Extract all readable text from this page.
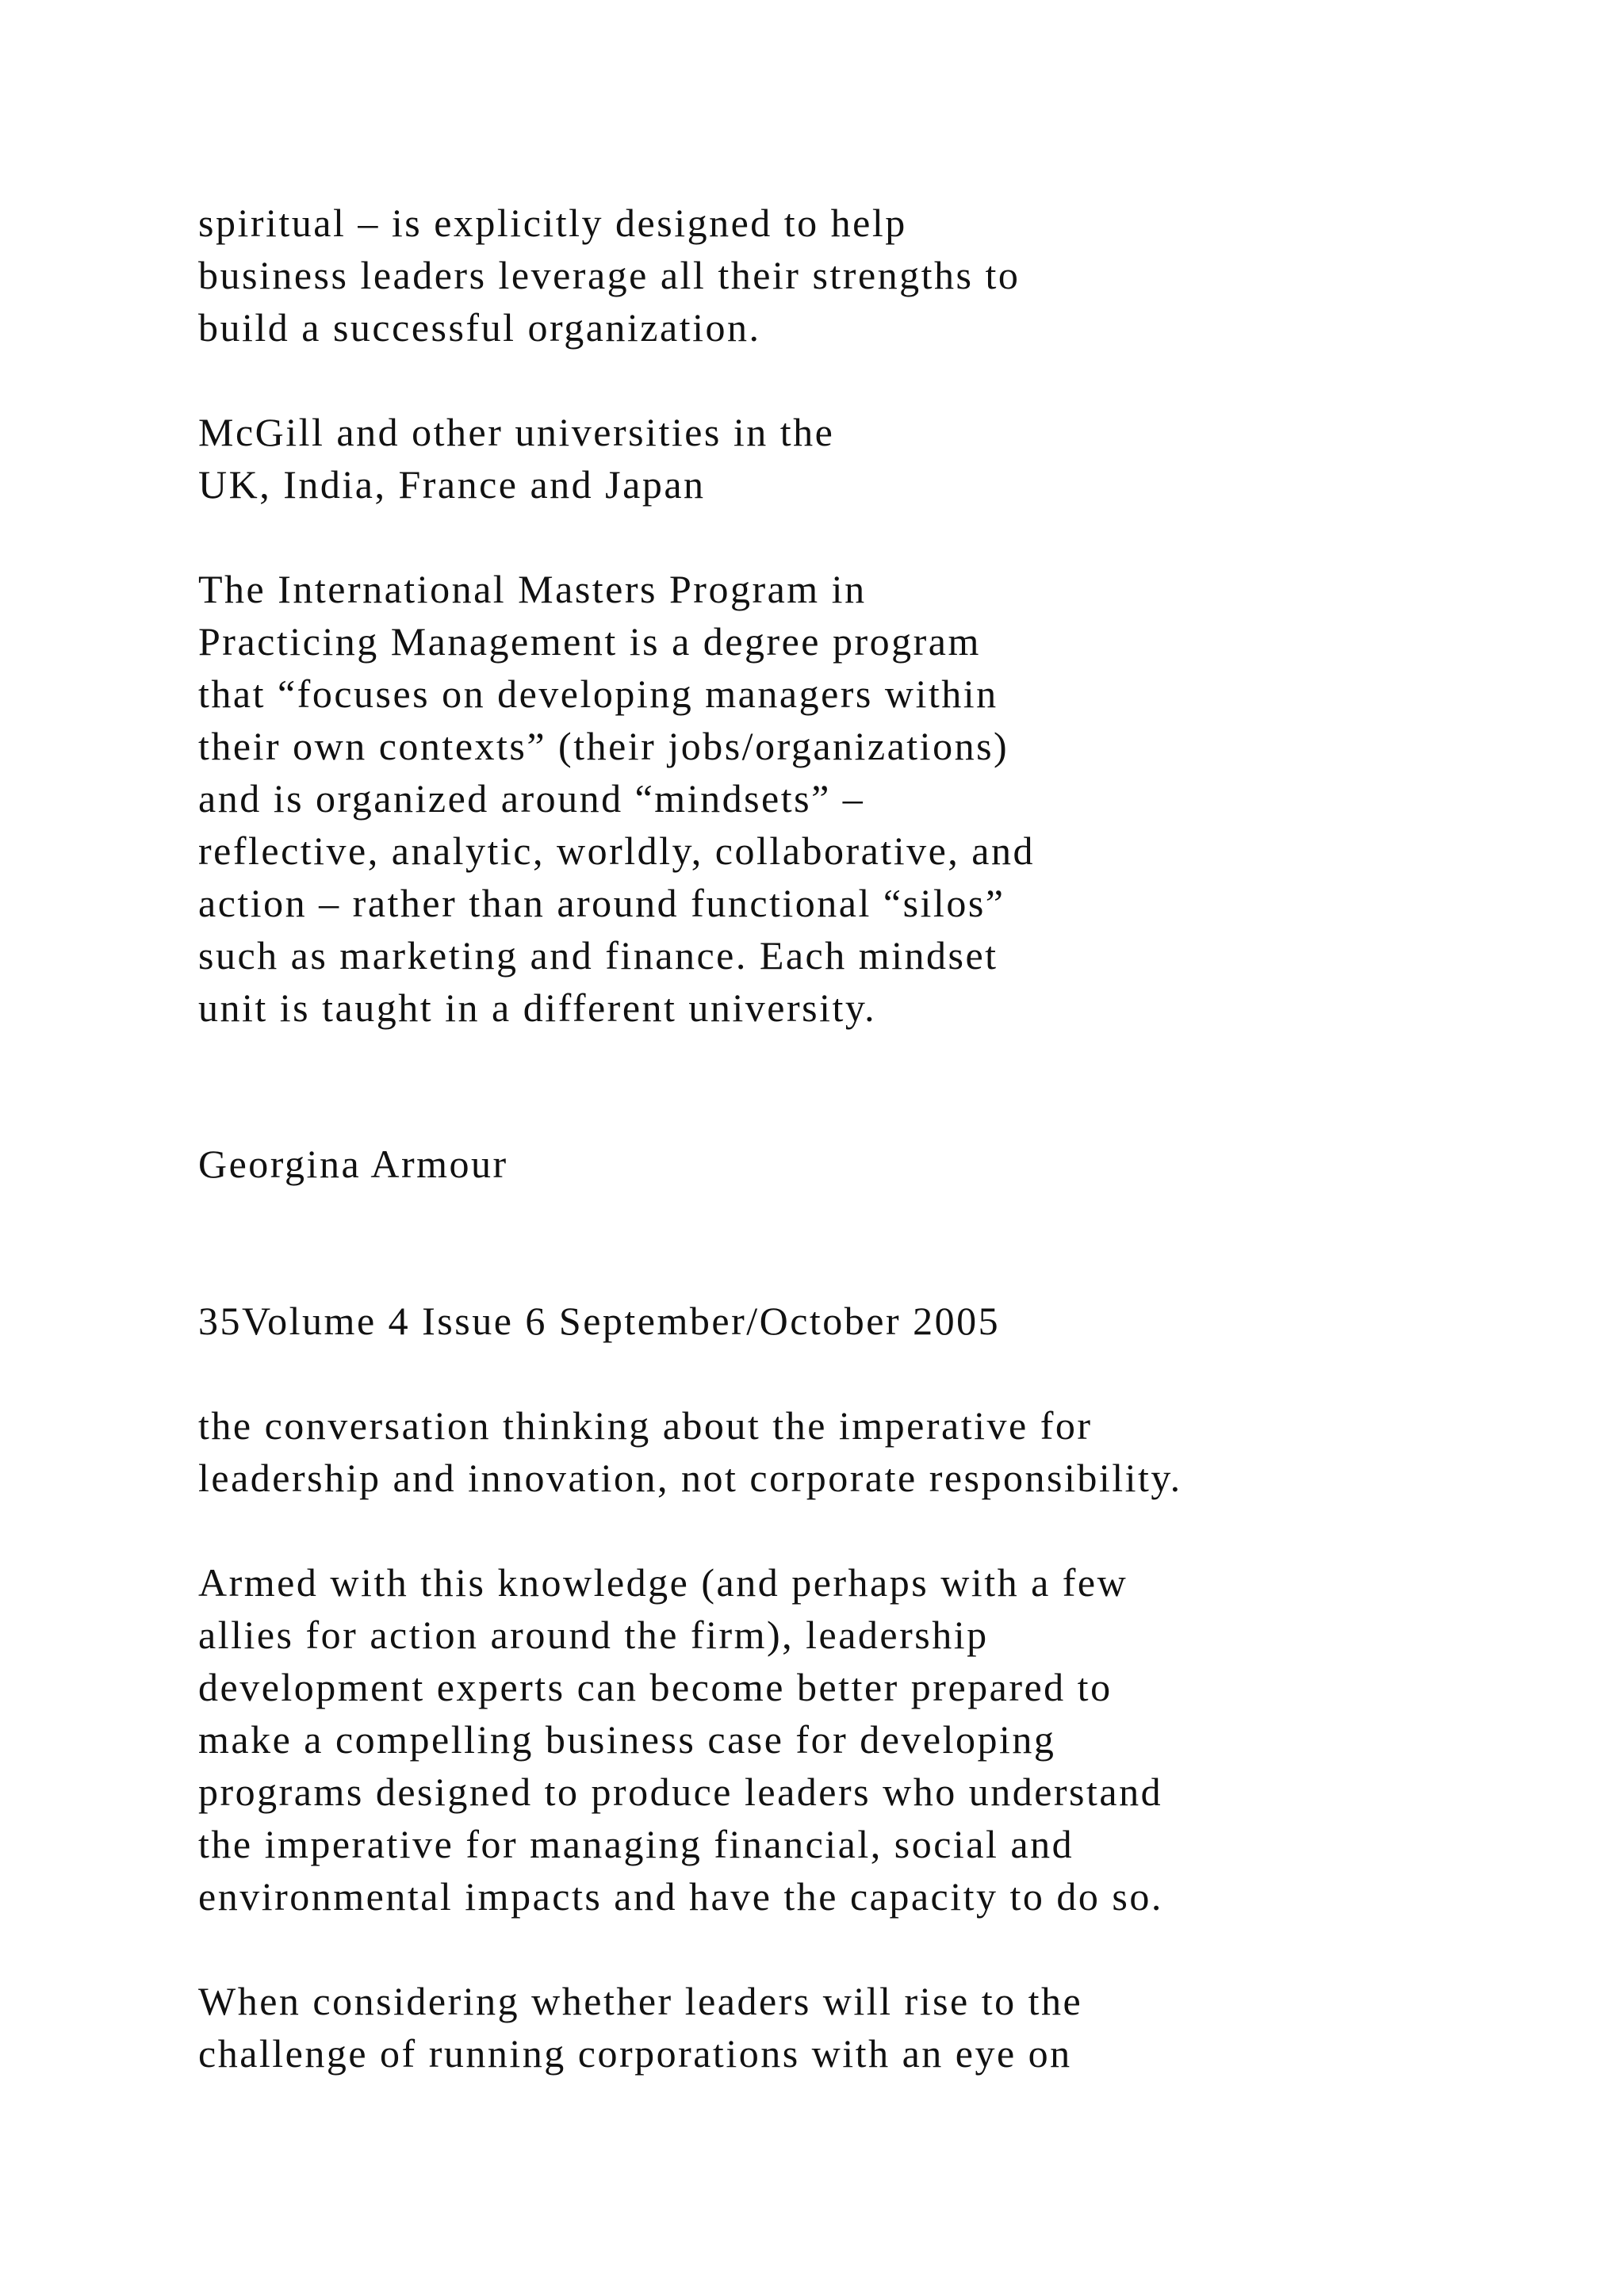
spiritual – is explicitly designed to help

business leaders leverage all their strengths to

build a successful organization.

McGill and other universities in the

UK, India, France and Japan

The International Masters Program in

Practicing Management is a degree program

that “focuses on developing managers within

their own contexts” (their jobs/organizations)

and is organized around “mindsets” –

reflective, analytic, worldly, collaborative, and

action – rather than around functional “silos”

such as marketing and finance. Each mindset

unit is taught in a different university.

Georgina Armour

35Volume 4 Issue 6 September/October 2005

the conversation thinking about the imperative for

leadership and innovation, not corporate responsibility.

Armed with this knowledge (and perhaps with a few

allies for action around the firm), leadership

development experts can become better prepared to

make a compelling business case for developing

programs designed to produce leaders who understand

the imperative for managing financial, social and

environmental impacts and have the capacity to do so.

When considering whether leaders will rise to the

challenge of running corporations with an eye on
